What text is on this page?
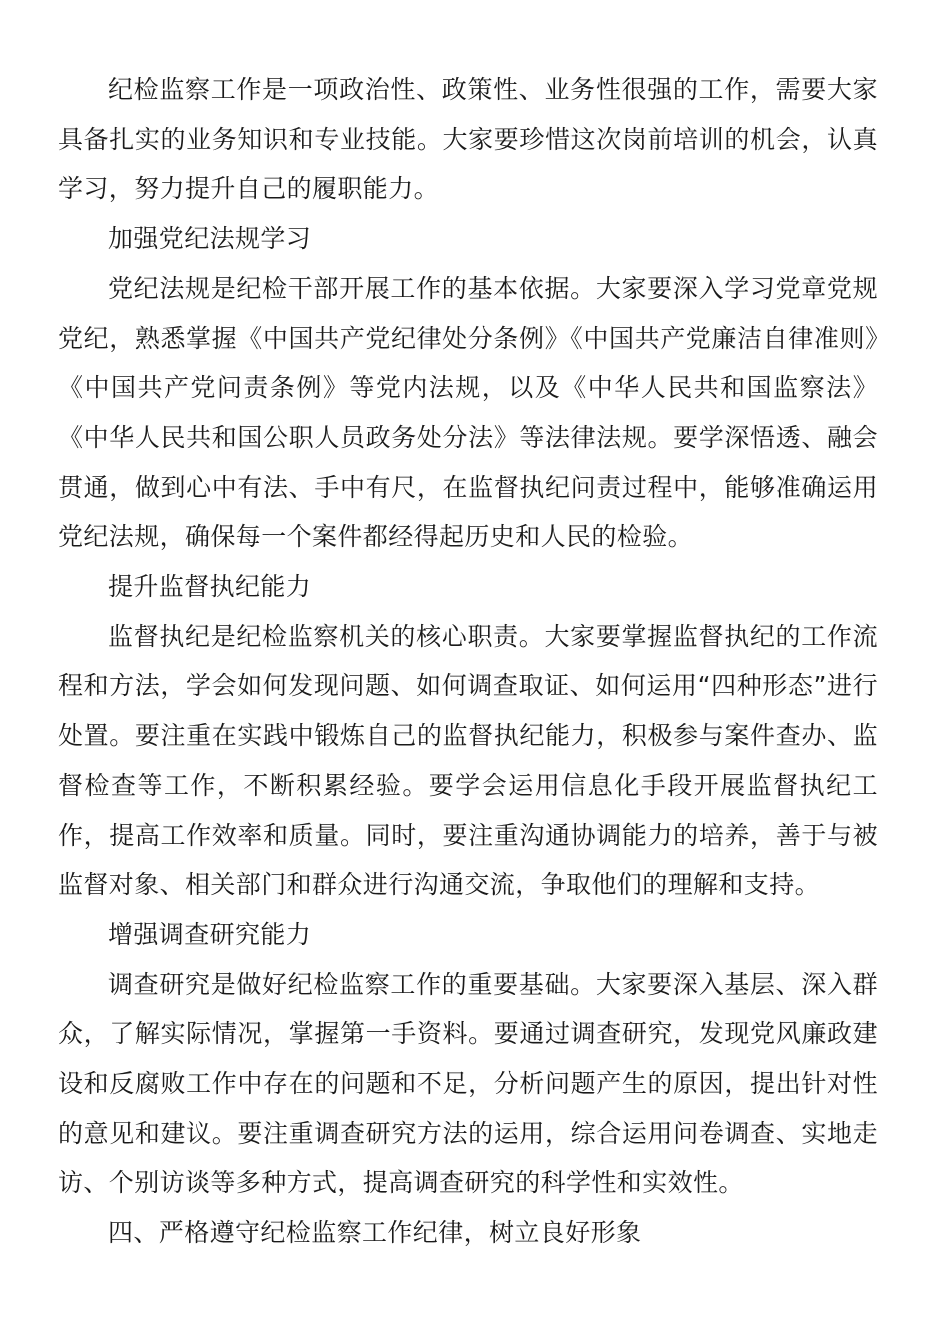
纪检监察工作是一项政治性、政策性、业务性很强的工作，需要大家具备扎实的业务知识和专业技能。大家要珍惜这次岗前培训的机会，认真学习，努力提升自己的履职能力。

加强党纪法规学习

党纪法规是纪检干部开展工作的基本依据。大家要深入学习党章党规党纪，熟悉掌握《中国共产党纪律处分条例》《中国共产党廉洁自律准则》《中国共产党问责条例》等党内法规，以及《中华人民共和国监察法》《中华人民共和国公职人员政务处分法》等法律法规。要学深悟透、融会贯通，做到心中有法、手中有尺，在监督执纪问责过程中，能够准确运用党纪法规，确保每一个案件都经得起历史和人民的检验。

提升监督执纪能力

监督执纪是纪检监察机关的核心职责。大家要掌握监督执纪的工作流程和方法，学会如何发现问题、如何调查取证、如何运用“四种形态”进行处置。要注重在实践中锻炼自己的监督执纪能力，积极参与案件查办、监督检查等工作，不断积累经验。要学会运用信息化手段开展监督执纪工作，提高工作效率和质量。同时，要注重沟通协调能力的培养，善于与被监督对象、相关部门和群众进行沟通交流，争取他们的理解和支持。

增强调查研究能力

调查研究是做好纪检监察工作的重要基础。大家要深入基层、深入群众，了解实际情况，掌握第一手资料。要通过调查研究，发现党风廉政建设和反腐败工作中存在的问题和不足，分析问题产生的原因，提出针对性的意见和建议。要注重调查研究方法的运用，综合运用问卷调查、实地走访、个别访谈等多种方式，提高调查研究的科学性和实效性。

四、严格遵守纪检监察工作纪律，树立良好形象
